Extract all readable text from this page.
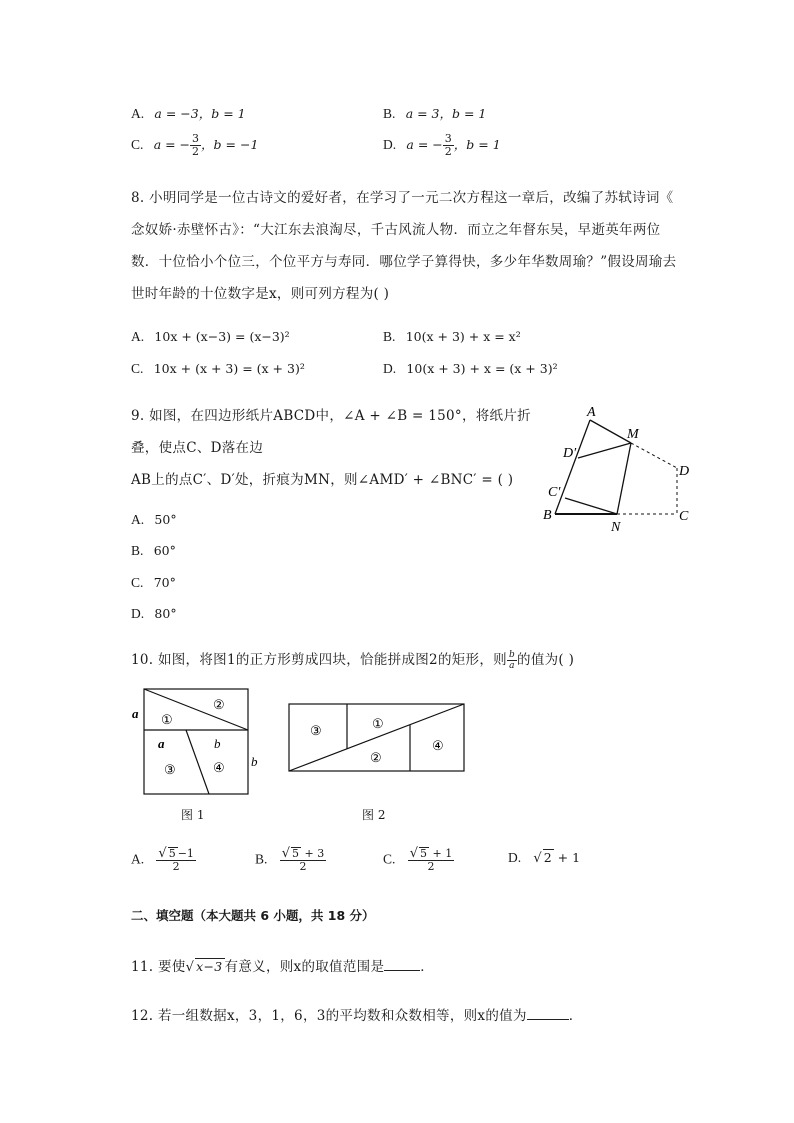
A. a = −3，b = 1	B. a = 3，b = 1
C. a = − $\frac{3}{2}$ ，b = −1	D. a = − $\frac{3}{2}$ ，b = 1
8. 小明同学是一位古诗文的爱好者，在学习了一元二次方程这一章后，改编了苏轼诗词《
念奴娇·赤壁怀古》：“大江东去浪淘尽，千古风流人物．而立之年督东吴，早逝英年两位
数．十位恰小个位三，个位平方与寿同．哪位学子算得快，多少年华数周瑜？”假设周瑜去
世时年龄的十位数字是x，则可列方程为( )
A. 10x + (x−3) = (x−3)²	B. 10(x + 3) + x = x²
C. 10x + (x + 3) = (x + 3)²	D. 10(x + 3) + x = (x + 3)²
9. 如图，在四边形纸片ABCD中，∠A + ∠B = 150°，将纸片折
叠，使点C、D落在边
AB上的点C′、D′处，折痕为MN，则∠AMD′ + ∠BNC′ = ( )
A. 50°
B. 60°
C. 70°
D. 80°
A
M
D′
D
C′
B
N
C
10. 如图，将图1的正方形剪成四块，恰能拼成图2的矩形，则 $\frac{b}{a}$ 的值为( )
a
a	b
b
①
②
③	④
图 1
③	①
②
④
图 2
A. $\frac{√ 5 -1}{2}$	B. $\frac{√ 5 + 3}{2}$	C. $\frac{√ 5 + 1}{2}$	D. √ 2 + 1
二、填空题（本大题共 6 小题，共 18 分）
11. 要使√ x−3 有意义，则x的取值范围是	．
12. 若一组数据x，3，1，6，3的平均数和众数相等，则x的值为	．
